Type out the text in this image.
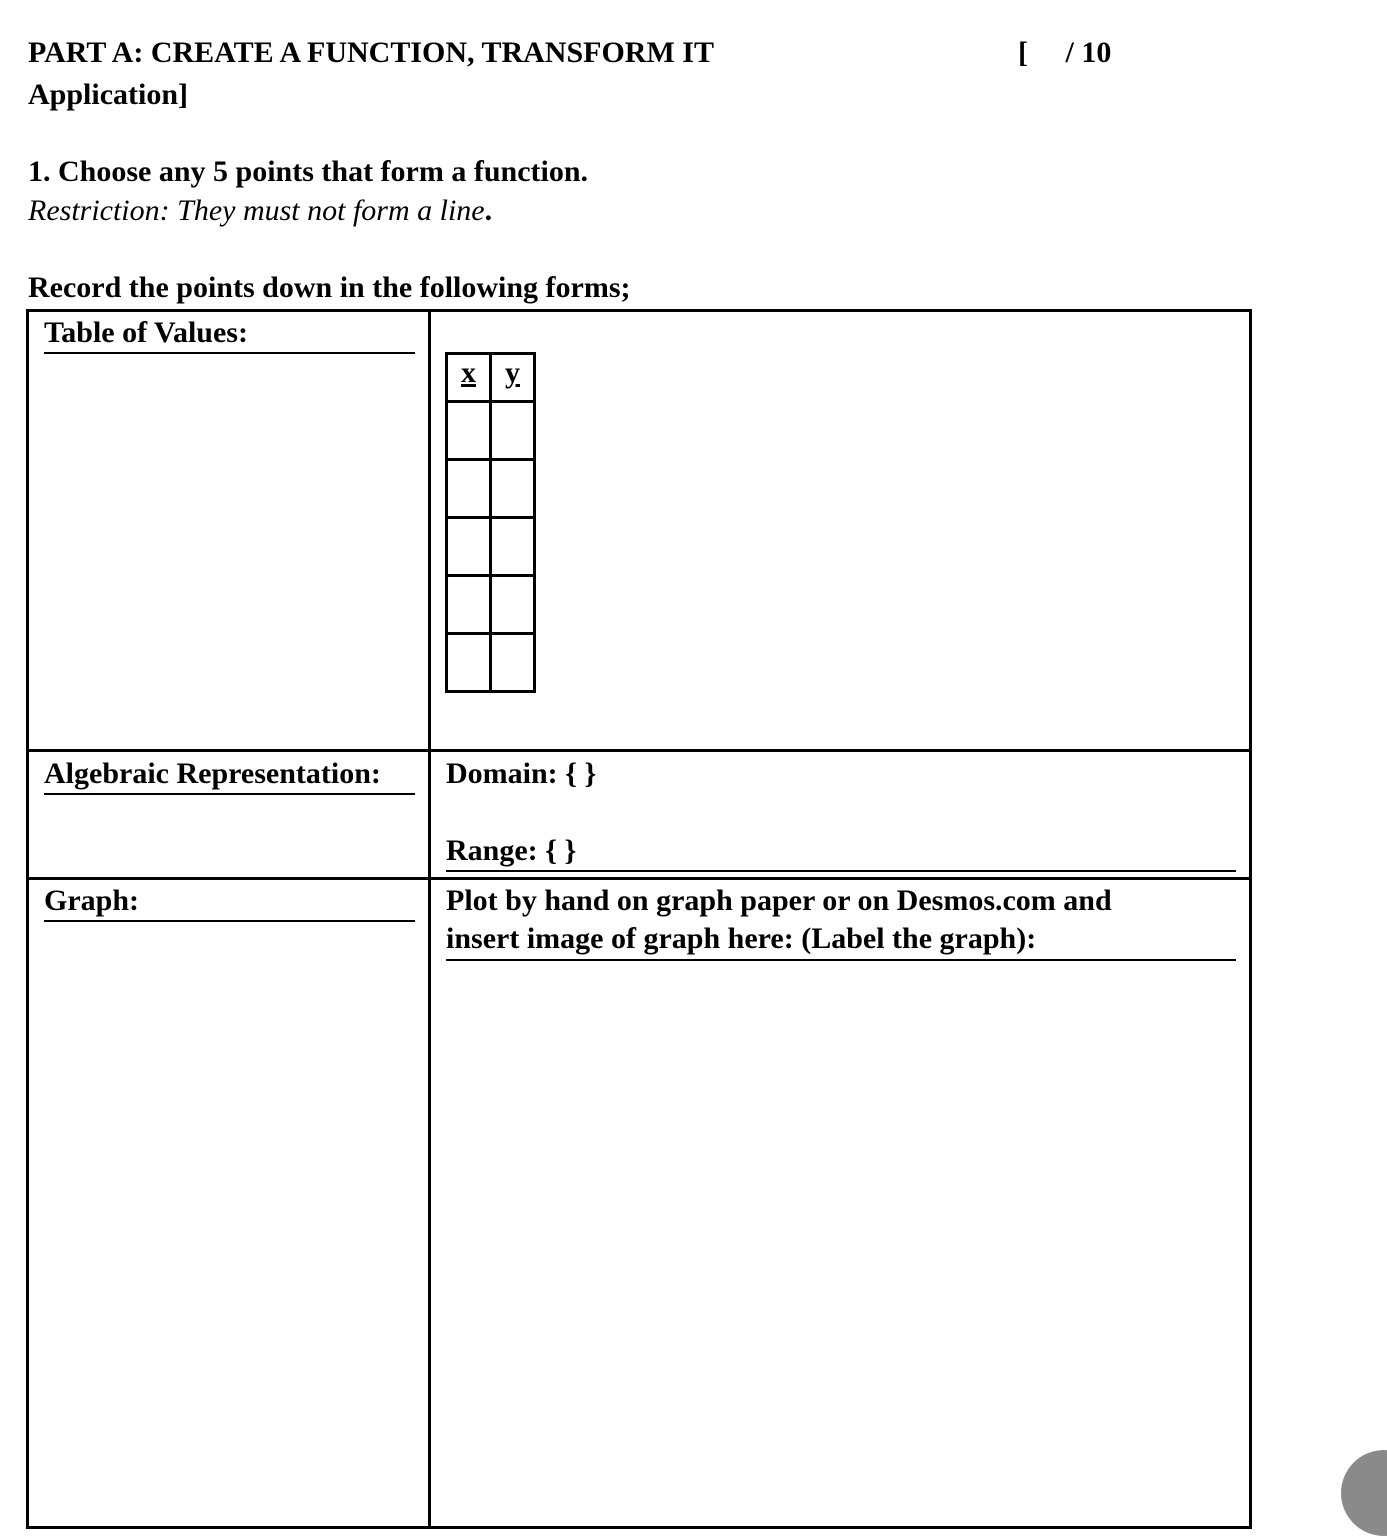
PART A: CREATE A FUNCTION, TRANSFORM IT	[     / 10
Application]
1. Choose any 5 points that form a function.
Restriction: They must not form a line.
Record the points down in the following forms;
Table of Values:
x	y

Algebraic Representation: Domain: { }
Range: { }
Graph:	Plot by hand on graph paper or on Desmos.com and
insert image of graph here: (Label the graph):
